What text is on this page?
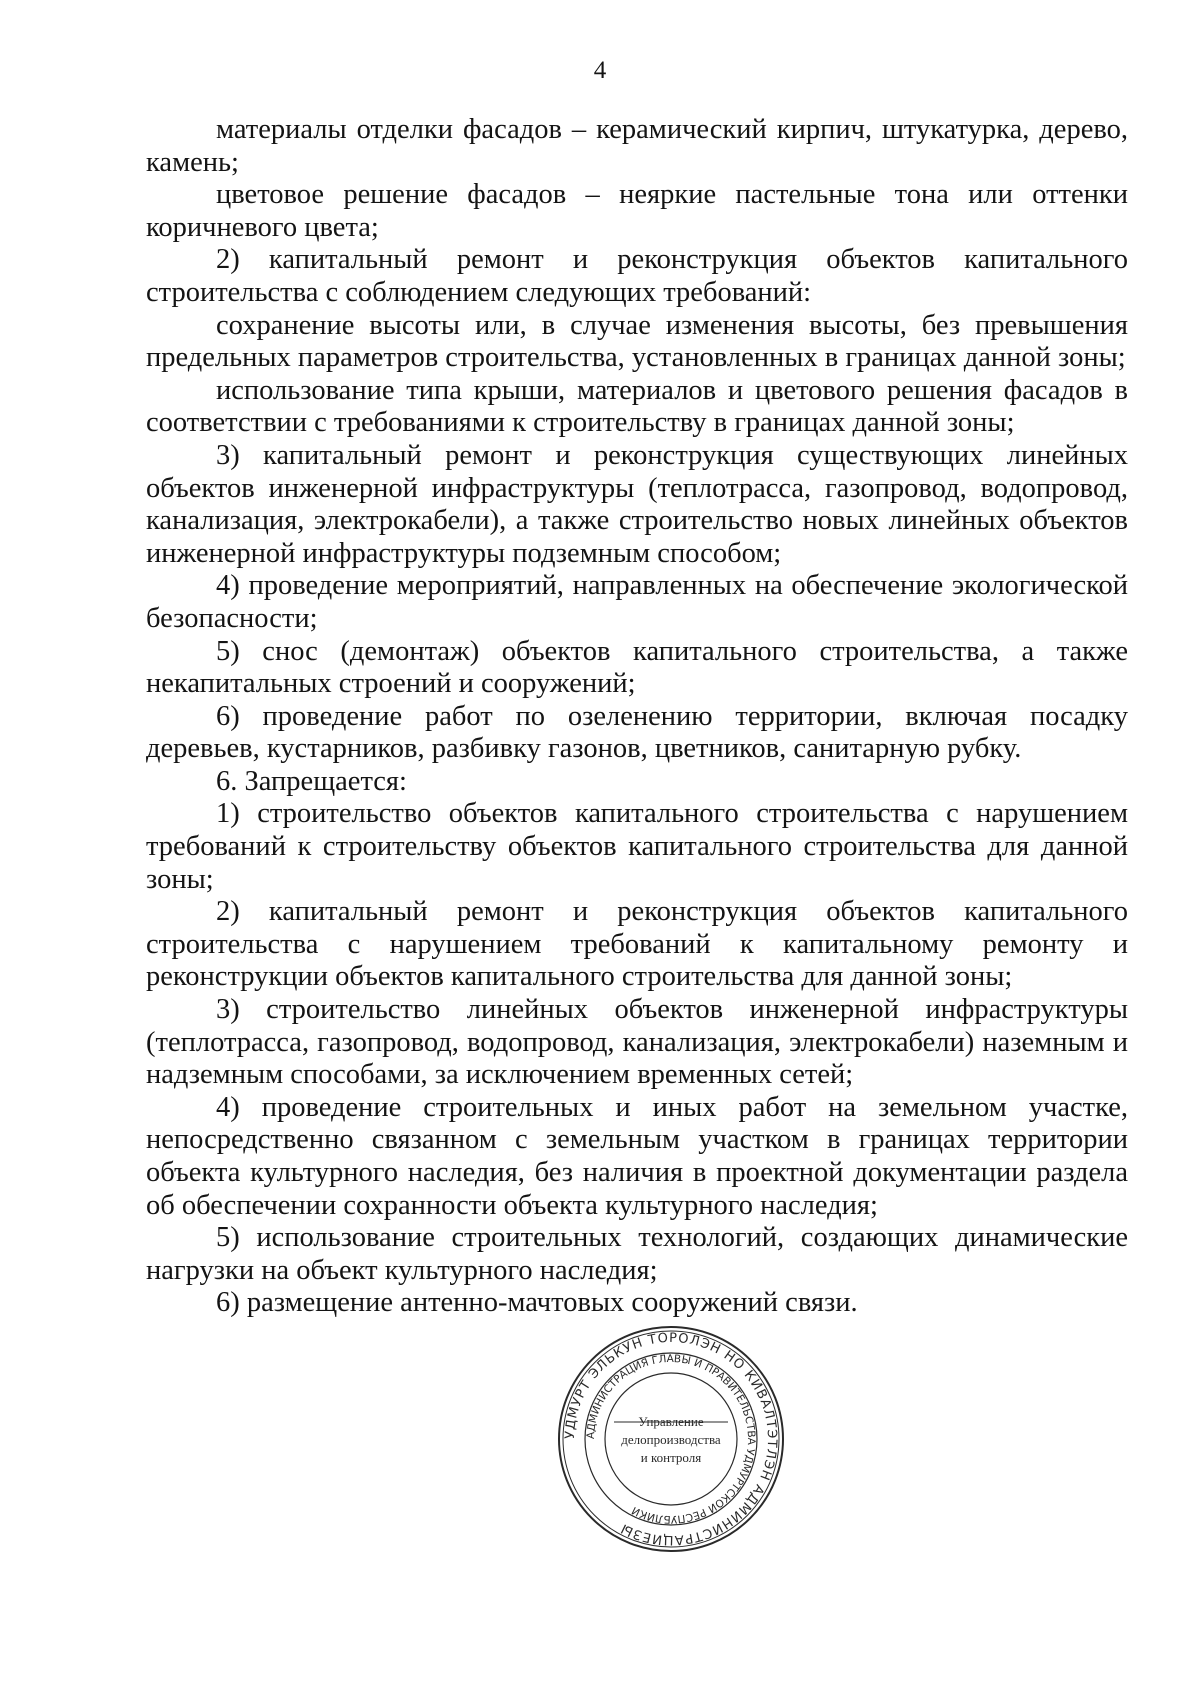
4

материалы отделки фасадов – керамический кирпич, штукатурка, дерево, камень;

цветовое решение фасадов – неяркие пастельные тона или оттенки коричневого цвета;

2) капитальный ремонт и реконструкция объектов капитального строительства с соблюдением следующих требований:

сохранение высоты или, в случае изменения высоты, без превышения предельных параметров строительства, установленных в границах данной зоны;

использование типа крыши, материалов и цветового решения фасадов в соответствии с требованиями к строительству в границах данной зоны;

3) капитальный ремонт и реконструкция существующих линейных объектов инженерной инфраструктуры (теплотрасса, газопровод, водопровод, канализация, электрокабели), а также строительство новых линейных объектов инженерной инфраструктуры подземным способом;

4) проведение мероприятий, направленных на обеспечение экологической безопасности;

5) снос (демонтаж) объектов капитального строительства, а также некапитальных строений и сооружений;

6) проведение работ по озеленению территории, включая посадку деревьев, кустарников, разбивку газонов, цветников, санитарную рубку.

6. Запрещается:

1) строительство объектов капитального строительства с нарушением требований к строительству объектов капитального строительства для данной зоны;

2) капитальный ремонт и реконструкция объектов капитального строительства с нарушением требований к капитальному ремонту и реконструкции объектов капитального строительства для данной зоны;

3) строительство линейных объектов инженерной инфраструктуры (теплотрасса, газопровод, водопровод, канализация, электрокабели) наземным и надземным способами, за исключением временных сетей;

4) проведение строительных и иных работ на земельном участке, непосредственно связанном с земельным участком в границах территории объекта культурного наследия, без наличия в проектной документации раздела об обеспечении сохранности объекта культурного наследия;

5) использование строительных технологий, создающих динамические нагрузки на объект культурного наследия;

6) размещение антенно-мачтовых сооружений связи.

УДМУРТ ЭЛЬКУН ТОРОЛЭН НО КИВАЛТЭТЛЭН АДМИНИСТРАЦИЕЗЫ
АДМИНИСТРАЦИЯ ГЛАВЫ И ПРАВИТЕЛЬСТВА УДМУРТСКОЙ РЕСПУБЛИКИ
Управление
делопроизводства
и контроля
